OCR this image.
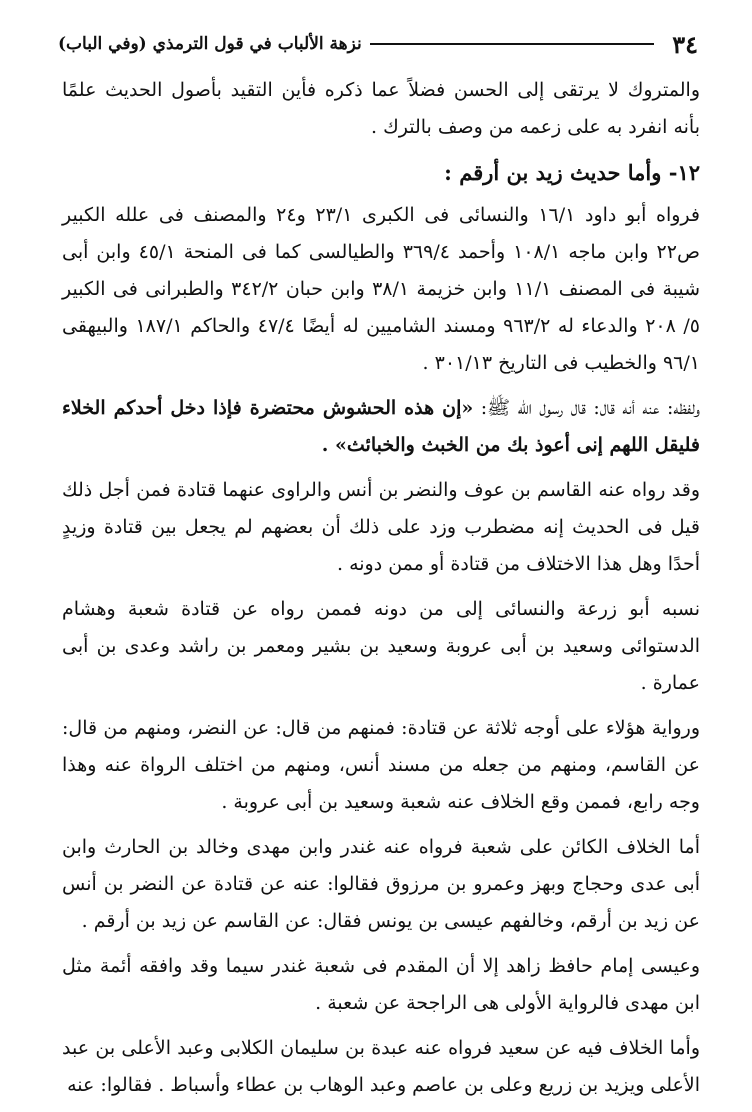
٣٤
نزهة الألباب في قول الترمذي (وفي الباب)

والمتروك لا يرتقى إلى الحسن فضلاً عما ذكره فأين التقيد بأصول الحديث علمًا بأنه انفرد به على زعمه من وصف بالترك .

١٢- وأما حديث زيد بن أرقم :

فرواه أبو داود ١٦/١ والنسائى فى الكبرى ٢٣/١ و٢٤ والمصنف فى علله الكبير ص٢٢ وابن ماجه ١٠٨/١ وأحمد ٣٦٩/٤ والطيالسى كما فى المنحة ٤٥/١ وابن أبى شيبة فى المصنف ١١/١ وابن خزيمة ٣٨/١ وابن حبان ٣٤٢/٢ والطبرانى فى الكبير ٥/ ٢٠٨ والدعاء له ٩٦٣/٢ ومسند الشاميين له أيضًا ٤٧/٤ والحاكم ١٨٧/١ والبيهقى ٩٦/١ والخطيب فى التاريخ ٣٠١/١٣ .

ولفظه: عنه أنه قال: قال رسول الله ﷺ: «إن هذه الحشوش محتضرة فإذا دخل أحدكم الخلاء فليقل اللهم إنى أعوذ بك من الخبث والخبائث» .

وقد رواه عنه القاسم بن عوف والنضر بن أنس والراوى عنهما قتادة فمن أجل ذلك قيل فى الحديث إنه مضطرب وزد على ذلك أن بعضهم لم يجعل بين قتادة وزيدٍ أحدًا وهل هذا الاختلاف من قتادة أو ممن دونه .

نسبه أبو زرعة والنسائى إلى من دونه فممن رواه عن قتادة شعبة وهشام الدستوائى وسعيد بن أبى عروبة وسعيد بن بشير ومعمر بن راشد وعدى بن أبى عمارة .

ورواية هؤلاء على أوجه ثلاثة عن قتادة: فمنهم من قال: عن النضر، ومنهم من قال: عن القاسم، ومنهم من جعله من مسند أنس، ومنهم من اختلف الرواة عنه وهذا وجه رابع، فممن وقع الخلاف عنه شعبة وسعيد بن أبى عروبة .

أما الخلاف الكائن على شعبة فرواه عنه غندر وابن مهدى وخالد بن الحارث وابن أبى عدى وحجاج وبهز وعمرو بن مرزوق فقالوا: عنه عن قتادة عن النضر بن أنس عن زيد بن أرقم، وخالفهم عيسى بن يونس فقال: عن القاسم عن زيد بن أرقم .

وعيسى إمام حافظ زاهد إلا أن المقدم فى شعبة غندر سيما وقد وافقه أئمة مثل ابن مهدى فالرواية الأولى هى الراجحة عن شعبة .

وأما الخلاف فيه عن سعيد فرواه عنه عبدة بن سليمان الكلابى وعبد الأعلى بن عبد الأعلى ويزيد بن زريع وعلى بن عاصم وعبد الوهاب بن عطاء وأسباط . فقالوا: عنه
